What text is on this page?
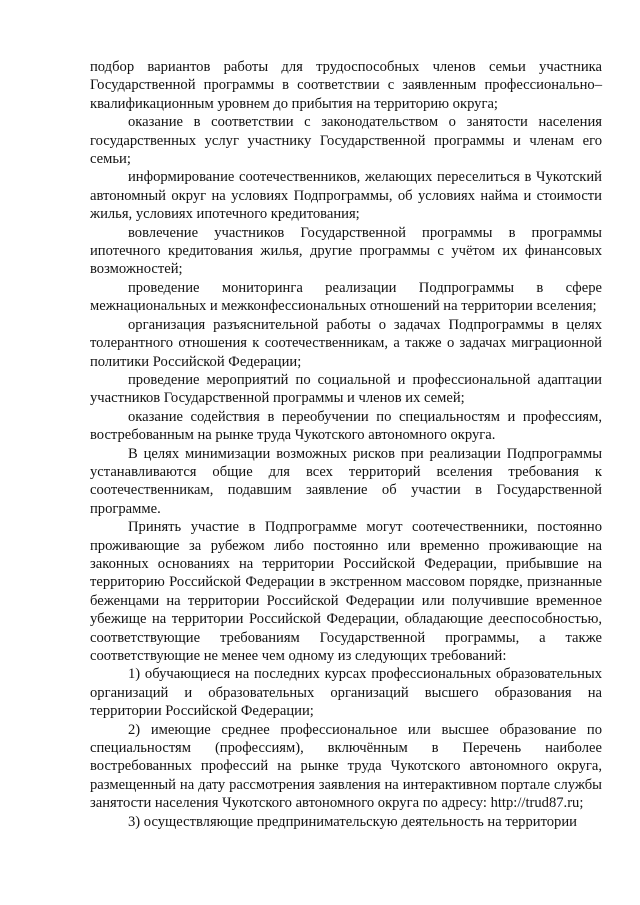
подбор вариантов работы для трудоспособных членов семьи участника Государственной программы в соответствии с заявленным профессионально–квалификационным уровнем до прибытия на территорию округа;

оказание в соответствии с законодательством о занятости населения государственных услуг участнику Государственной программы и членам его семьи;

информирование соотечественников, желающих переселиться в Чукотский автономный округ на условиях Подпрограммы, об условиях найма и стоимости жилья, условиях ипотечного кредитования;

вовлечение участников Государственной программы в программы ипотечного кредитования жилья, другие программы с учётом их финансовых возможностей;

проведение мониторинга реализации Подпрограммы в сфере межнациональных и межконфессиональных отношений на территории вселения;

организация разъяснительной работы о задачах Подпрограммы в целях толерантного отношения к соотечественникам, а также о задачах миграционной политики Российской Федерации;

проведение мероприятий по социальной и профессиональной адаптации участников Государственной программы и членов их семей;

оказание содействия в переобучении по специальностям и профессиям, востребованным на рынке труда Чукотского автономного округа.

В целях минимизации возможных рисков при реализации Подпрограммы устанавливаются общие для всех территорий вселения требования к соотечественникам, подавшим заявление об участии в Государственной программе.

Принять участие в Подпрограмме могут соотечественники, постоянно проживающие за рубежом либо постоянно или временно проживающие на законных основаниях на территории Российской Федерации, прибывшие на территорию Российской Федерации в экстренном массовом порядке, признанные беженцами на территории Российской Федерации или получившие временное убежище на территории Российской Федерации, обладающие дееспособностью, соответствующие требованиям Государственной программы, а также соответствующие не менее чем одному из следующих требований:

1) обучающиеся на последних курсах профессиональных образовательных организаций и образовательных организаций высшего образования на территории Российской Федерации;

2) имеющие среднее профессиональное или высшее образование по специальностям (профессиям), включённым в Перечень наиболее востребованных профессий на рынке труда Чукотского автономного округа, размещенный на дату рассмотрения заявления на интерактивном портале службы занятости населения Чукотского автономного округа по адресу: http://trud87.ru;

3) осуществляющие предпринимательскую деятельность на территории
